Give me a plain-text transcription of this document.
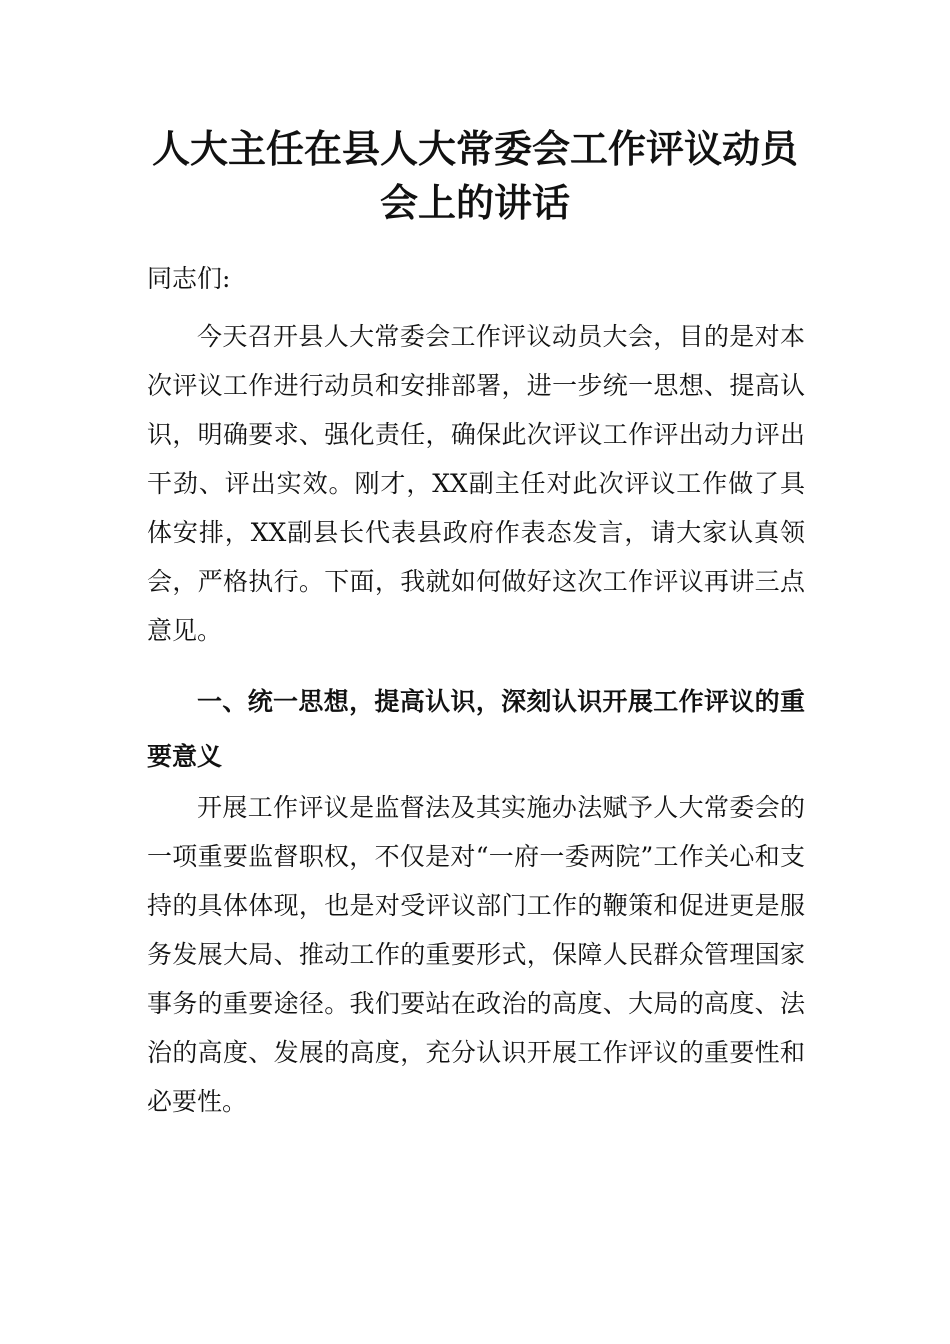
人大主任在县人大常委会工作评议动员会上的讲话

同志们:

今天召开县人大常委会工作评议动员大会，目的是对本次评议工作进行动员和安排部署，进一步统一思想、提高认识，明确要求、强化责任，确保此次评议工作评出动力评出干劲、评出实效。刚才，XX副主任对此次评议工作做了具体安排，XX副县长代表县政府作表态发言，请大家认真领会，严格执行。下面，我就如何做好这次工作评议再讲三点意见。

一、统一思想，提高认识，深刻认识开展工作评议的重要意义

开展工作评议是监督法及其实施办法赋予人大常委会的一项重要监督职权，不仅是对“一府一委两院”工作关心和支持的具体体现，也是对受评议部门工作的鞭策和促进更是服务发展大局、推动工作的重要形式，保障人民群众管理国家事务的重要途径。我们要站在政治的高度、大局的高度、法治的高度、发展的高度，充分认识开展工作评议的重要性和必要性。
